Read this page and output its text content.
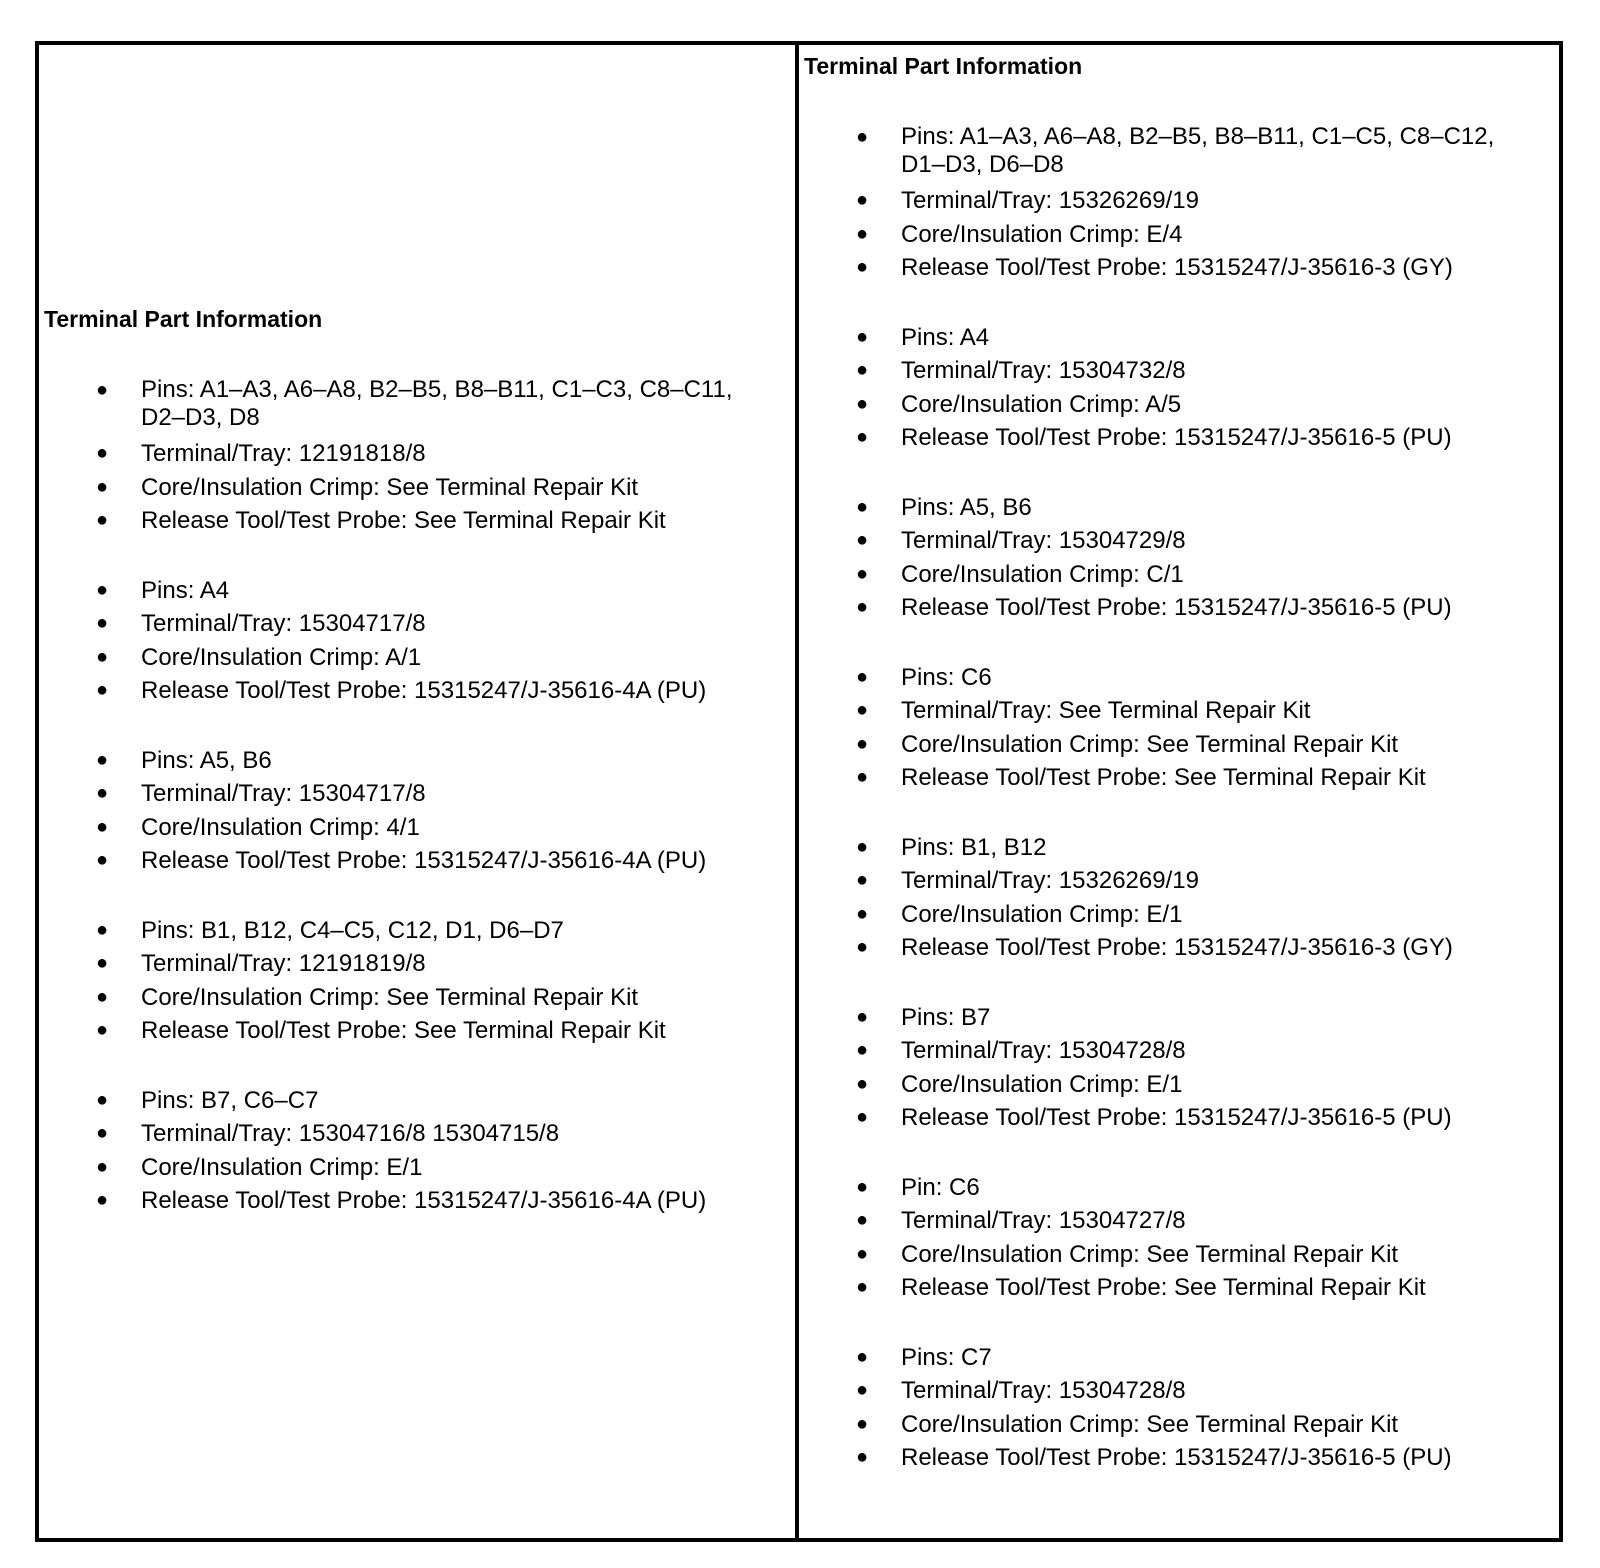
Terminal Part Information
● Pins: A1–A3, A6–A8, B2–B5, B8–B11, C1–C3, C8–C11, D2–D3, D8
● Terminal/Tray: 12191818/8
● Core/Insulation Crimp: See Terminal Repair Kit
● Release Tool/Test Probe: See Terminal Repair Kit
● Pins: A4
● Terminal/Tray: 15304717/8
● Core/Insulation Crimp: A/1
● Release Tool/Test Probe: 15315247/J-35616-4A (PU)
● Pins: A5, B6
● Terminal/Tray: 15304717/8
● Core/Insulation Crimp: 4/1
● Release Tool/Test Probe: 15315247/J-35616-4A (PU)
● Pins: B1, B12, C4–C5, C12, D1, D6–D7
● Terminal/Tray: 12191819/8
● Core/Insulation Crimp: See Terminal Repair Kit
● Release Tool/Test Probe: See Terminal Repair Kit
● Pins: B7, C6–C7
● Terminal/Tray: 15304716/8 15304715/8
● Core/Insulation Crimp: E/1
● Release Tool/Test Probe: 15315247/J-35616-4A (PU)
Terminal Part Information
● Pins: A1–A3, A6–A8, B2–B5, B8–B11, C1–C5, C8–C12, D1–D3, D6–D8
● Terminal/Tray: 15326269/19
● Core/Insulation Crimp: E/4
● Release Tool/Test Probe: 15315247/J-35616-3 (GY)
● Pins: A4
● Terminal/Tray: 15304732/8
● Core/Insulation Crimp: A/5
● Release Tool/Test Probe: 15315247/J-35616-5 (PU)
● Pins: A5, B6
● Terminal/Tray: 15304729/8
● Core/Insulation Crimp: C/1
● Release Tool/Test Probe: 15315247/J-35616-5 (PU)
● Pins: C6
● Terminal/Tray: See Terminal Repair Kit
● Core/Insulation Crimp: See Terminal Repair Kit
● Release Tool/Test Probe: See Terminal Repair Kit
● Pins: B1, B12
● Terminal/Tray: 15326269/19
● Core/Insulation Crimp: E/1
● Release Tool/Test Probe: 15315247/J-35616-3 (GY)
● Pins: B7
● Terminal/Tray: 15304728/8
● Core/Insulation Crimp: E/1
● Release Tool/Test Probe: 15315247/J-35616-5 (PU)
● Pin: C6
● Terminal/Tray: 15304727/8
● Core/Insulation Crimp: See Terminal Repair Kit
● Release Tool/Test Probe: See Terminal Repair Kit
● Pins: C7
● Terminal/Tray: 15304728/8
● Core/Insulation Crimp: See Terminal Repair Kit
● Release Tool/Test Probe: 15315247/J-35616-5 (PU)
